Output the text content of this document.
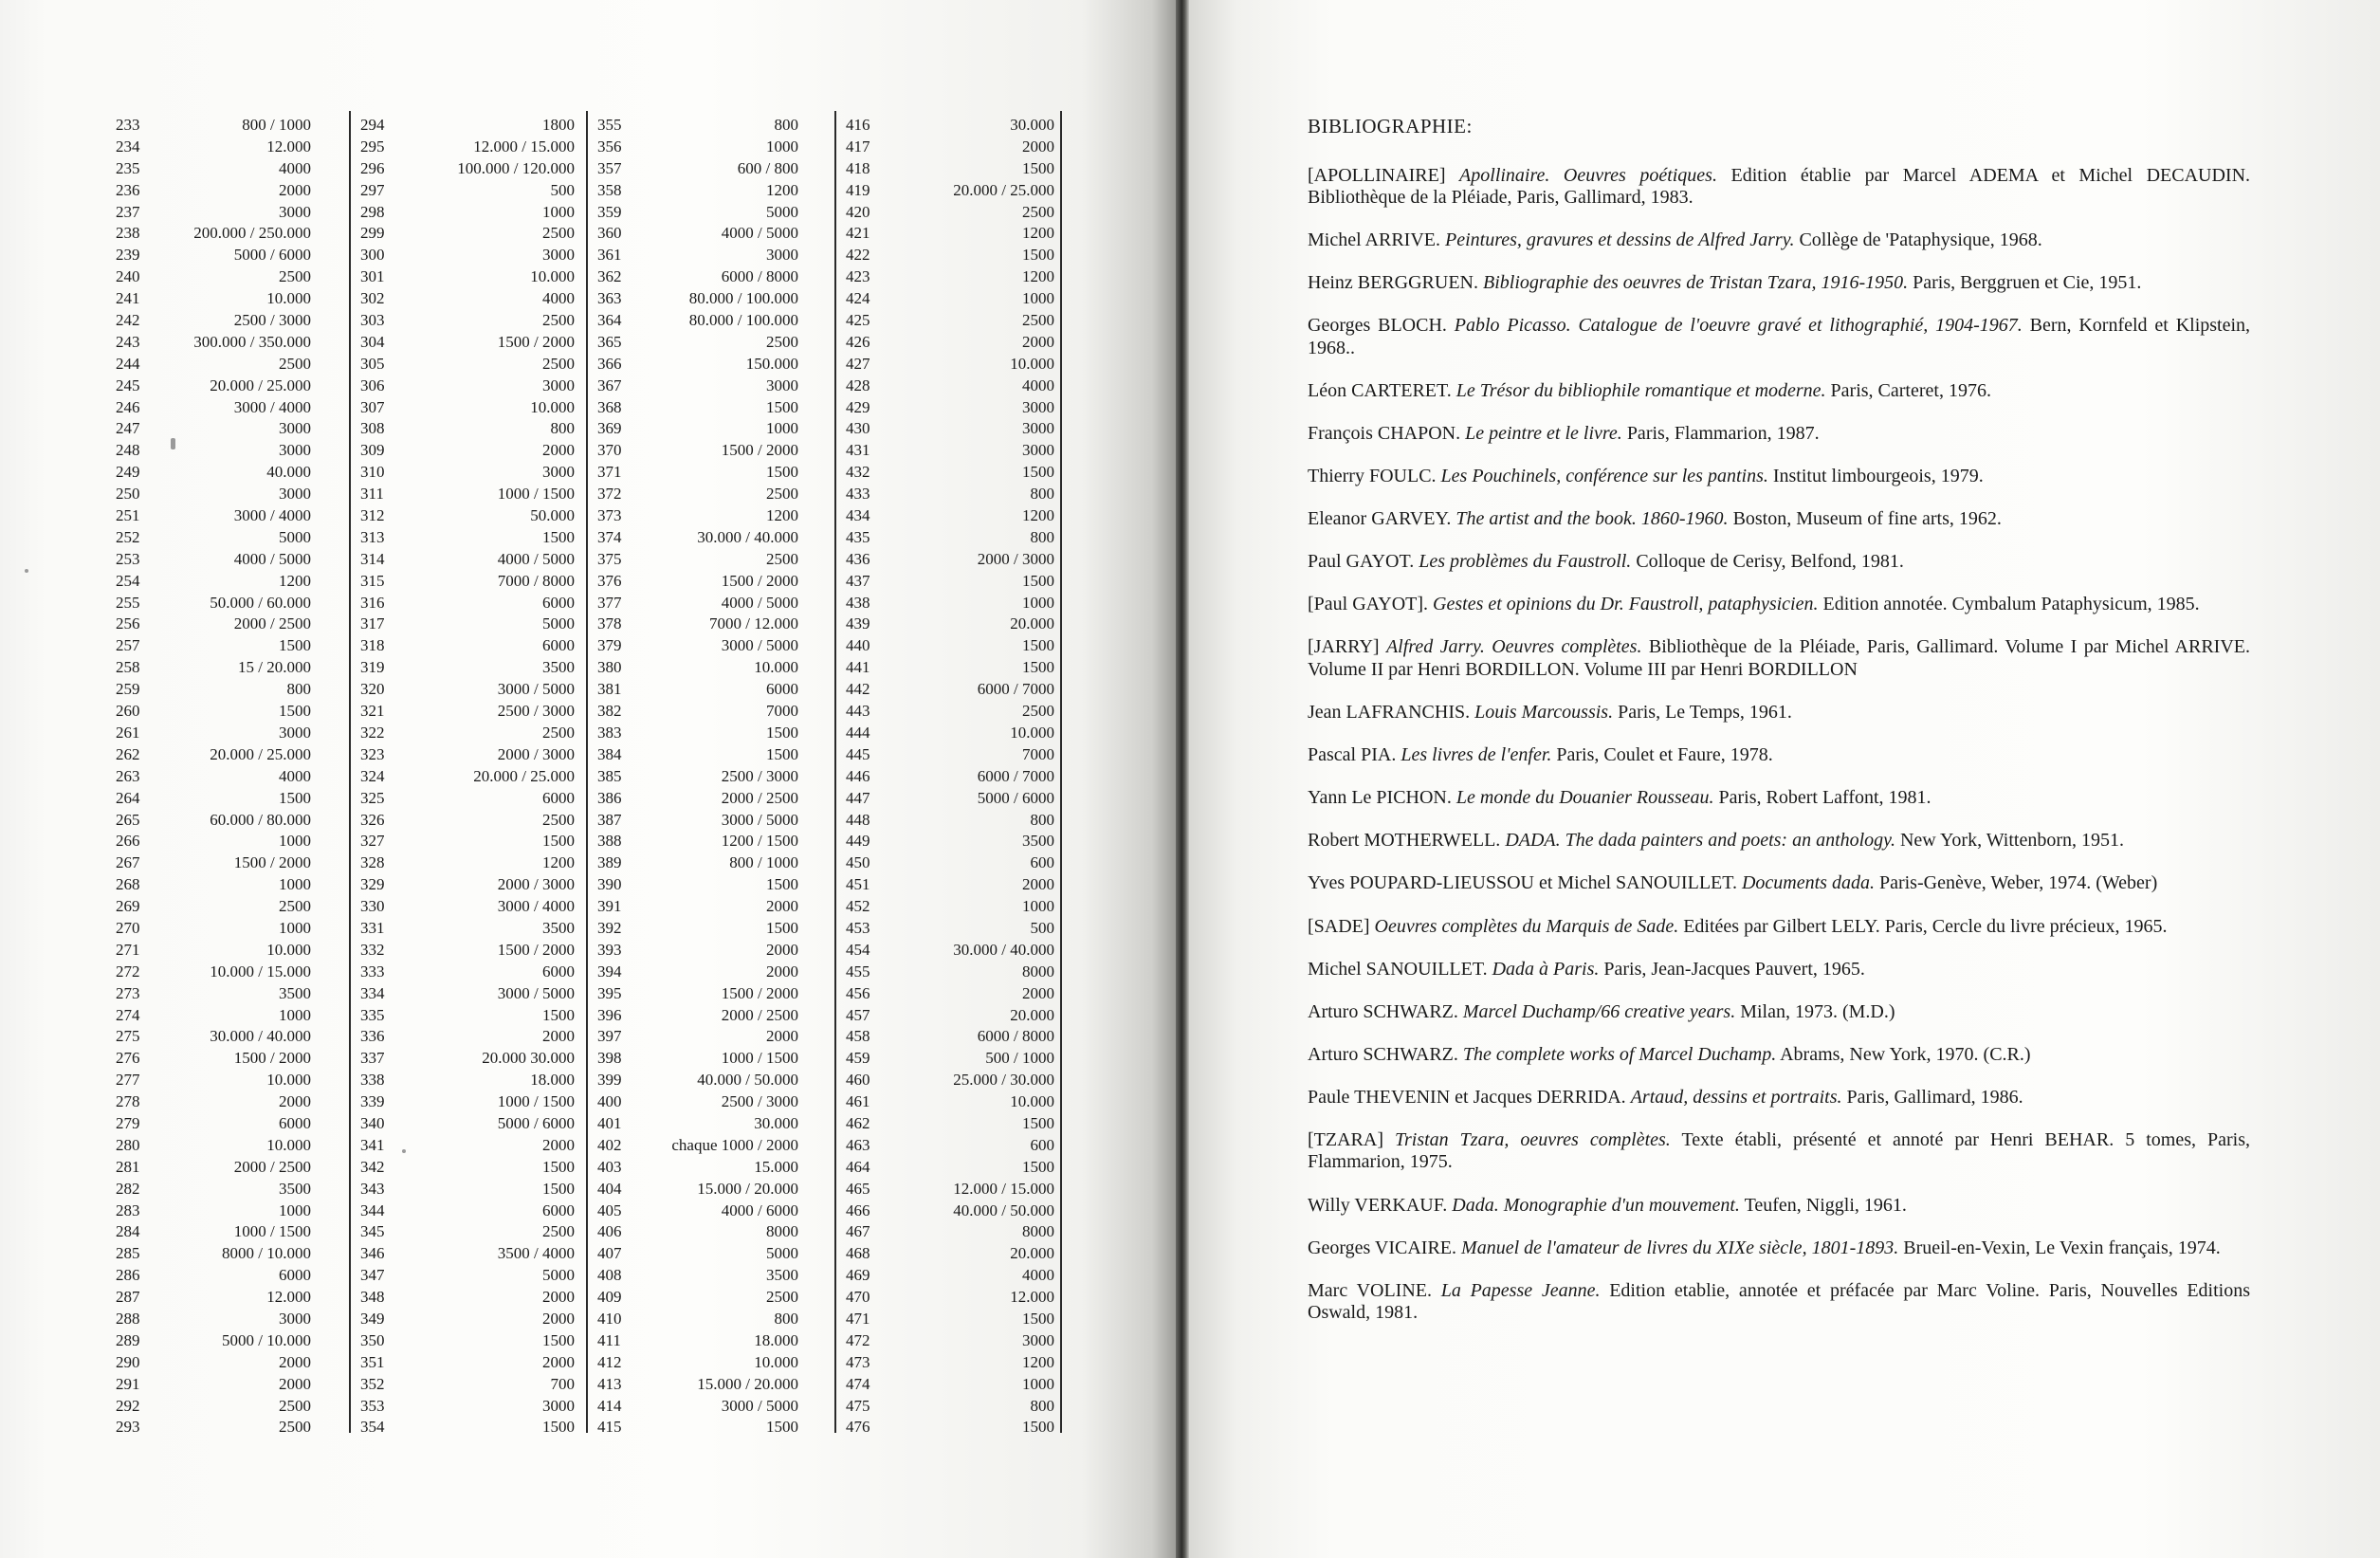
233	800 / 1000
234	12.000
235	4000
236	2000
237	3000
238	200.000 / 250.000
239	5000 / 6000
240	2500
241	10.000
242	2500 / 3000
243	300.000 / 350.000
244	2500
245	20.000 / 25.000
246	3000 / 4000
247	3000
248	3000
249	40.000
250	3000
251	3000 / 4000
252	5000
253	4000 / 5000
254	1200
255	50.000 / 60.000
256	2000 / 2500
257	1500
258	15 / 20.000
259	800
260	1500
261	3000
262	20.000 / 25.000
263	4000
264	1500
265	60.000 / 80.000
266	1000
267	1500 / 2000
268	1000
269	2500
270	1000
271	10.000
272	10.000 / 15.000
273	3500
274	1000
275	30.000 / 40.000
276	1500 / 2000
277	10.000
278	2000
279	6000
280	10.000
281	2000 / 2500
282	3500
283	1000
284	1000 / 1500
285	8000 / 10.000
286	6000
287	12.000
288	3000
289	5000 / 10.000
290	2000
291	2000
292	2500
293	2500
294	1800
295	12.000 / 15.000
296	100.000 / 120.000
297	500
298	1000
299	2500
300	3000
301	10.000
302	4000
303	2500
304	1500 / 2000
305	2500
306	3000
307	10.000
308	800
309	2000
310	3000
311	1000 / 1500
312	50.000
313	1500
314	4000 / 5000
315	7000 / 8000
316	6000
317	5000
318	6000
319	3500
320	3000 / 5000
321	2500 / 3000
322	2500
323	2000 / 3000
324	20.000 / 25.000
325	6000
326	2500
327	1500
328	1200
329	2000 / 3000
330	3000 / 4000
331	3500
332	1500 / 2000
333	6000
334	3000 / 5000
335	1500
336	2000
337	20.000 30.000
338	18.000
339	1000 / 1500
340	5000 / 6000
341	2000
342	1500
343	1500
344	6000
345	2500
346	3500 / 4000
347	5000
348	2000
349	2000
350	1500
351	2000
352	700
353	3000
354	1500
355	800
356	1000
357	600 / 800
358	1200
359	5000
360	4000 / 5000
361	3000
362	6000 / 8000
363	80.000 / 100.000
364	80.000 / 100.000
365	2500
366	150.000
367	3000
368	1500
369	1000
370	1500 / 2000
371	1500
372	2500
373	1200
374	30.000 / 40.000
375	2500
376	1500 / 2000
377	4000 / 5000
378	7000 / 12.000
379	3000 / 5000
380	10.000
381	6000
382	7000
383	1500
384	1500
385	2500 / 3000
386	2000 / 2500
387	3000 / 5000
388	1200 / 1500
389	800 / 1000
390	1500
391	2000
392	1500
393	2000
394	2000
395	1500 / 2000
396	2000 / 2500
397	2000
398	1000 / 1500
399	40.000 / 50.000
400	2500 / 3000
401	30.000
402	chaque 1000 / 2000
403	15.000
404	15.000 / 20.000
405	4000 / 6000
406	8000
407	5000
408	3500
409	2500
410	800
411	18.000
412	10.000
413	15.000 / 20.000
414	3000 / 5000
415	1500
416	30.000
417	2000
418	1500
419	20.000 / 25.000
420	2500
421	1200
422	1500
423	1200
424	1000
425	2500
426	2000
427	10.000
428	4000
429	3000
430	3000
431	3000
432	1500
433	800
434	1200
435	800
436	2000 / 3000
437	1500
438	1000
439	20.000
440	1500
441	1500
442	6000 / 7000
443	2500
444	10.000
445	7000
446	6000 / 7000
447	5000 / 6000
448	800
449	3500
450	600
451	2000
452	1000
453	500
454	30.000 / 40.000
455	8000
456	2000
457	20.000
458	6000 / 8000
459	500 / 1000
460	25.000 / 30.000
461	10.000
462	1500
463	600
464	1500
465	12.000 / 15.000
466	40.000 / 50.000
467	8000
468	20.000
469	4000
470	12.000
471	1500
472	3000
473	1200
474	1000
475	800
476	1500
BIBLIOGRAPHIE:

[APOLLINAIRE] Apollinaire. Oeuvres poétiques. Edition établie par Marcel ADEMA et Michel DECAUDIN. Bibliothèque de la Pléiade, Paris, Gallimard, 1983.

Michel ARRIVE. Peintures, gravures et dessins de Alfred Jarry. Collège de 'Pataphysique, 1968.

Heinz BERGGRUEN. Bibliographie des oeuvres de Tristan Tzara, 1916-1950. Paris, Berggruen et Cie, 1951.

Georges BLOCH. Pablo Picasso. Catalogue de l'oeuvre gravé et lithographié, 1904-1967. Bern, Kornfeld et Klipstein, 1968..

Léon CARTERET. Le Trésor du bibliophile romantique et moderne. Paris, Carteret, 1976.

François CHAPON. Le peintre et le livre. Paris, Flammarion, 1987.

Thierry FOULC. Les Pouchinels, conférence sur les pantins. Institut limbourgeois, 1979.

Eleanor GARVEY. The artist and the book. 1860-1960. Boston, Museum of fine arts, 1962.

Paul GAYOT. Les problèmes du Faustroll. Colloque de Cerisy, Belfond, 1981.

[Paul GAYOT]. Gestes et opinions du Dr. Faustroll, pataphysicien. Edition annotée. Cymbalum Pataphysicum, 1985.

[JARRY] Alfred Jarry. Oeuvres complètes. Bibliothèque de la Pléiade, Paris, Gallimard. Volume I par Michel ARRIVE. Volume II par Henri BORDILLON. Volume III par Henri BORDILLON

Jean LAFRANCHIS. Louis Marcoussis. Paris, Le Temps, 1961.

Pascal PIA. Les livres de l'enfer. Paris, Coulet et Faure, 1978.

Yann Le PICHON. Le monde du Douanier Rousseau. Paris, Robert Laffont, 1981.

Robert MOTHERWELL. DADA. The dada painters and poets: an anthology. New York, Wittenborn, 1951.

Yves POUPARD-LIEUSSOU et Michel SANOUILLET. Documents dada. Paris-Genève, Weber, 1974. (Weber)

[SADE] Oeuvres complètes du Marquis de Sade. Editées par Gilbert LELY. Paris, Cercle du livre précieux, 1965.

Michel SANOUILLET. Dada à Paris. Paris, Jean-Jacques Pauvert, 1965.

Arturo SCHWARZ. Marcel Duchamp/66 creative years. Milan, 1973. (M.D.)

Arturo SCHWARZ. The complete works of Marcel Duchamp. Abrams, New York, 1970. (C.R.)

Paule THEVENIN et Jacques DERRIDA. Artaud, dessins et portraits. Paris, Gallimard, 1986.

[TZARA] Tristan Tzara, oeuvres complètes. Texte établi, présenté et annoté par Henri BEHAR. 5 tomes, Paris, Flammarion, 1975.

Willy VERKAUF. Dada. Monographie d'un mouvement. Teufen, Niggli, 1961.

Georges VICAIRE. Manuel de l'amateur de livres du XIXe siècle, 1801-1893. Brueil-en-Vexin, Le Vexin français, 1974.

Marc VOLINE. La Papesse Jeanne. Edition etablie, annotée et préfacée par Marc Voline. Paris, Nouvelles Editions Oswald, 1981.
